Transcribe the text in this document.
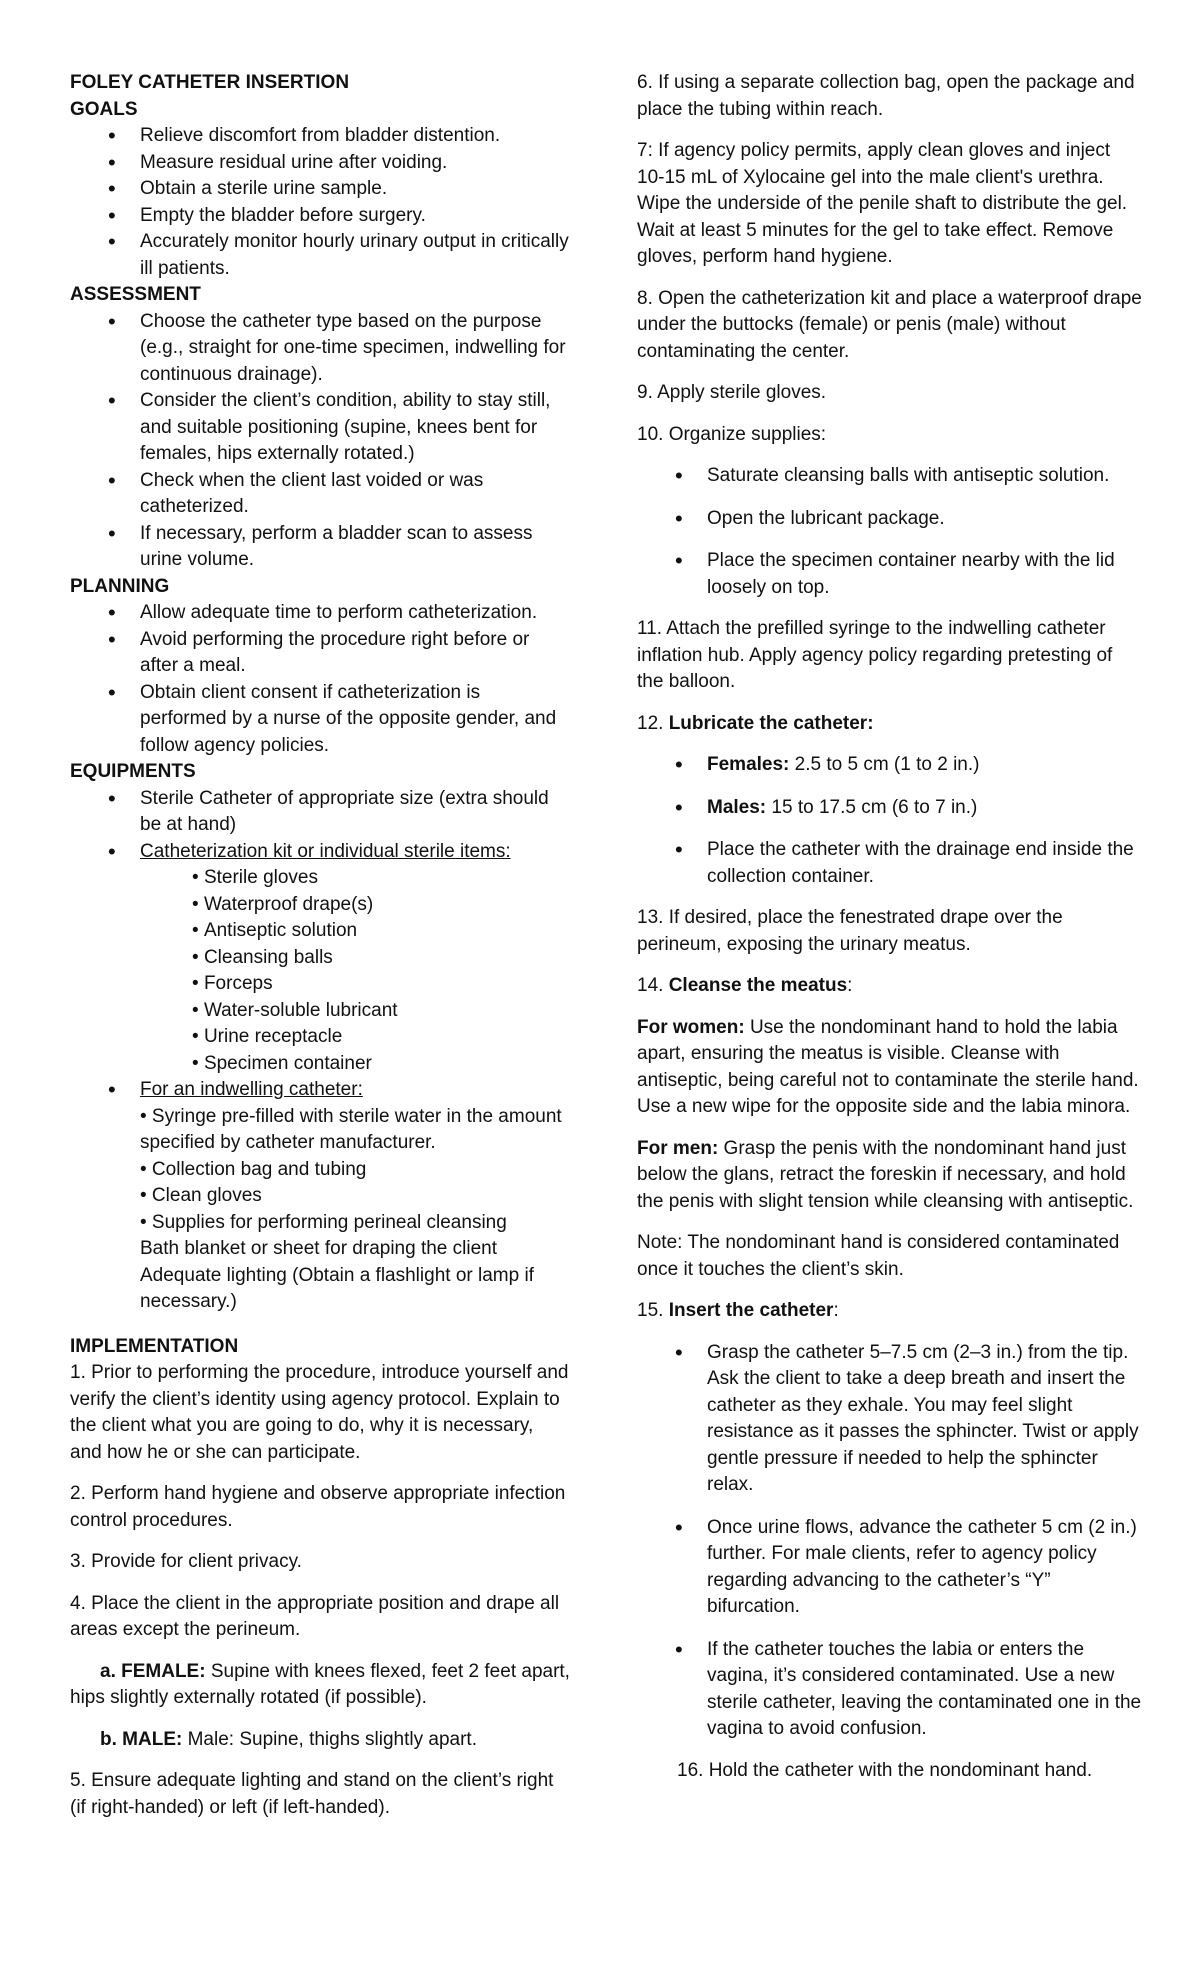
FOLEY CATHETER INSERTION
GOALS
• Relieve discomfort from bladder distention.
• Measure residual urine after voiding.
• Obtain a sterile urine sample.
• Empty the bladder before surgery.
• Accurately monitor hourly urinary output in critically ill patients.
ASSESSMENT
• Choose the catheter type based on the purpose (e.g., straight for one-time specimen, indwelling for continuous drainage).
• Consider the client’s condition, ability to stay still, and suitable positioning (supine, knees bent for females, hips externally rotated.)
• Check when the client last voided or was catheterized.
• If necessary, perform a bladder scan to assess urine volume.
PLANNING
• Allow adequate time to perform catheterization.
• Avoid performing the procedure right before or after a meal.
• Obtain client consent if catheterization is performed by a nurse of the opposite gender, and follow agency policies.
EQUIPMENTS
• Sterile Catheter of appropriate size (extra should be at hand)
• Catheterization kit or individual sterile items:
• Sterile gloves
• Waterproof drape(s)
• Antiseptic solution
• Cleansing balls
• Forceps
• Water-soluble lubricant
• Urine receptacle
• Specimen container
• For an indwelling catheter:
• Syringe pre-filled with sterile water in the amount specified by catheter manufacturer.
• Collection bag and tubing
• Clean gloves
• Supplies for performing perineal cleansing
Bath blanket or sheet for draping the client
Adequate lighting (Obtain a flashlight or lamp if necessary.)
IMPLEMENTATION

1. Prior to performing the procedure, introduce yourself and verify the client’s identity using agency protocol. Explain to the client what you are going to do, why it is necessary, and how he or she can participate.

2. Perform hand hygiene and observe appropriate infection control procedures.

3. Provide for client privacy.

4. Place the client in the appropriate position and drape all areas except the perineum.

a. FEMALE: Supine with knees flexed, feet 2 feet apart, hips slightly externally rotated (if possible).

b. MALE: Male: Supine, thighs slightly apart.

5. Ensure adequate lighting and stand on the client’s right (if right-handed) or left (if left-handed).

6. If using a separate collection bag, open the package and place the tubing within reach.

7: If agency policy permits, apply clean gloves and inject 10-15 mL of Xylocaine gel into the male client's urethra. Wipe the underside of the penile shaft to distribute the gel. Wait at least 5 minutes for the gel to take effect. Remove gloves, perform hand hygiene.

8. Open the catheterization kit and place a waterproof drape under the buttocks (female) or penis (male) without contaminating the center.

9. Apply sterile gloves.

10. Organize supplies:

• Saturate cleansing balls with antiseptic solution.
• Open the lubricant package.
• Place the specimen container nearby with the lid loosely on top.

11. Attach the prefilled syringe to the indwelling catheter inflation hub. Apply agency policy regarding pretesting of the balloon.

12. Lubricate the catheter:

• Females: 2.5 to 5 cm (1 to 2 in.)
• Males: 15 to 17.5 cm (6 to 7 in.)
• Place the catheter with the drainage end inside the collection container.

13. If desired, place the fenestrated drape over the perineum, exposing the urinary meatus.

14. Cleanse the meatus:

For women: Use the nondominant hand to hold the labia apart, ensuring the meatus is visible. Cleanse with antiseptic, being careful not to contaminate the sterile hand. Use a new wipe for the opposite side and the labia minora.

For men: Grasp the penis with the nondominant hand just below the glans, retract the foreskin if necessary, and hold the penis with slight tension while cleansing with antiseptic.

Note: The nondominant hand is considered contaminated once it touches the client’s skin.

15. Insert the catheter:

• Grasp the catheter 5–7.5 cm (2–3 in.) from the tip. Ask the client to take a deep breath and insert the catheter as they exhale. You may feel slight resistance as it passes the sphincter. Twist or apply gentle pressure if needed to help the sphincter relax.
• Once urine flows, advance the catheter 5 cm (2 in.) further. For male clients, refer to agency policy regarding advancing to the catheter’s “Y” bifurcation.
• If the catheter touches the labia or enters the vagina, it’s considered contaminated. Use a new sterile catheter, leaving the contaminated one in the vagina to avoid confusion.

16. Hold the catheter with the nondominant hand.
